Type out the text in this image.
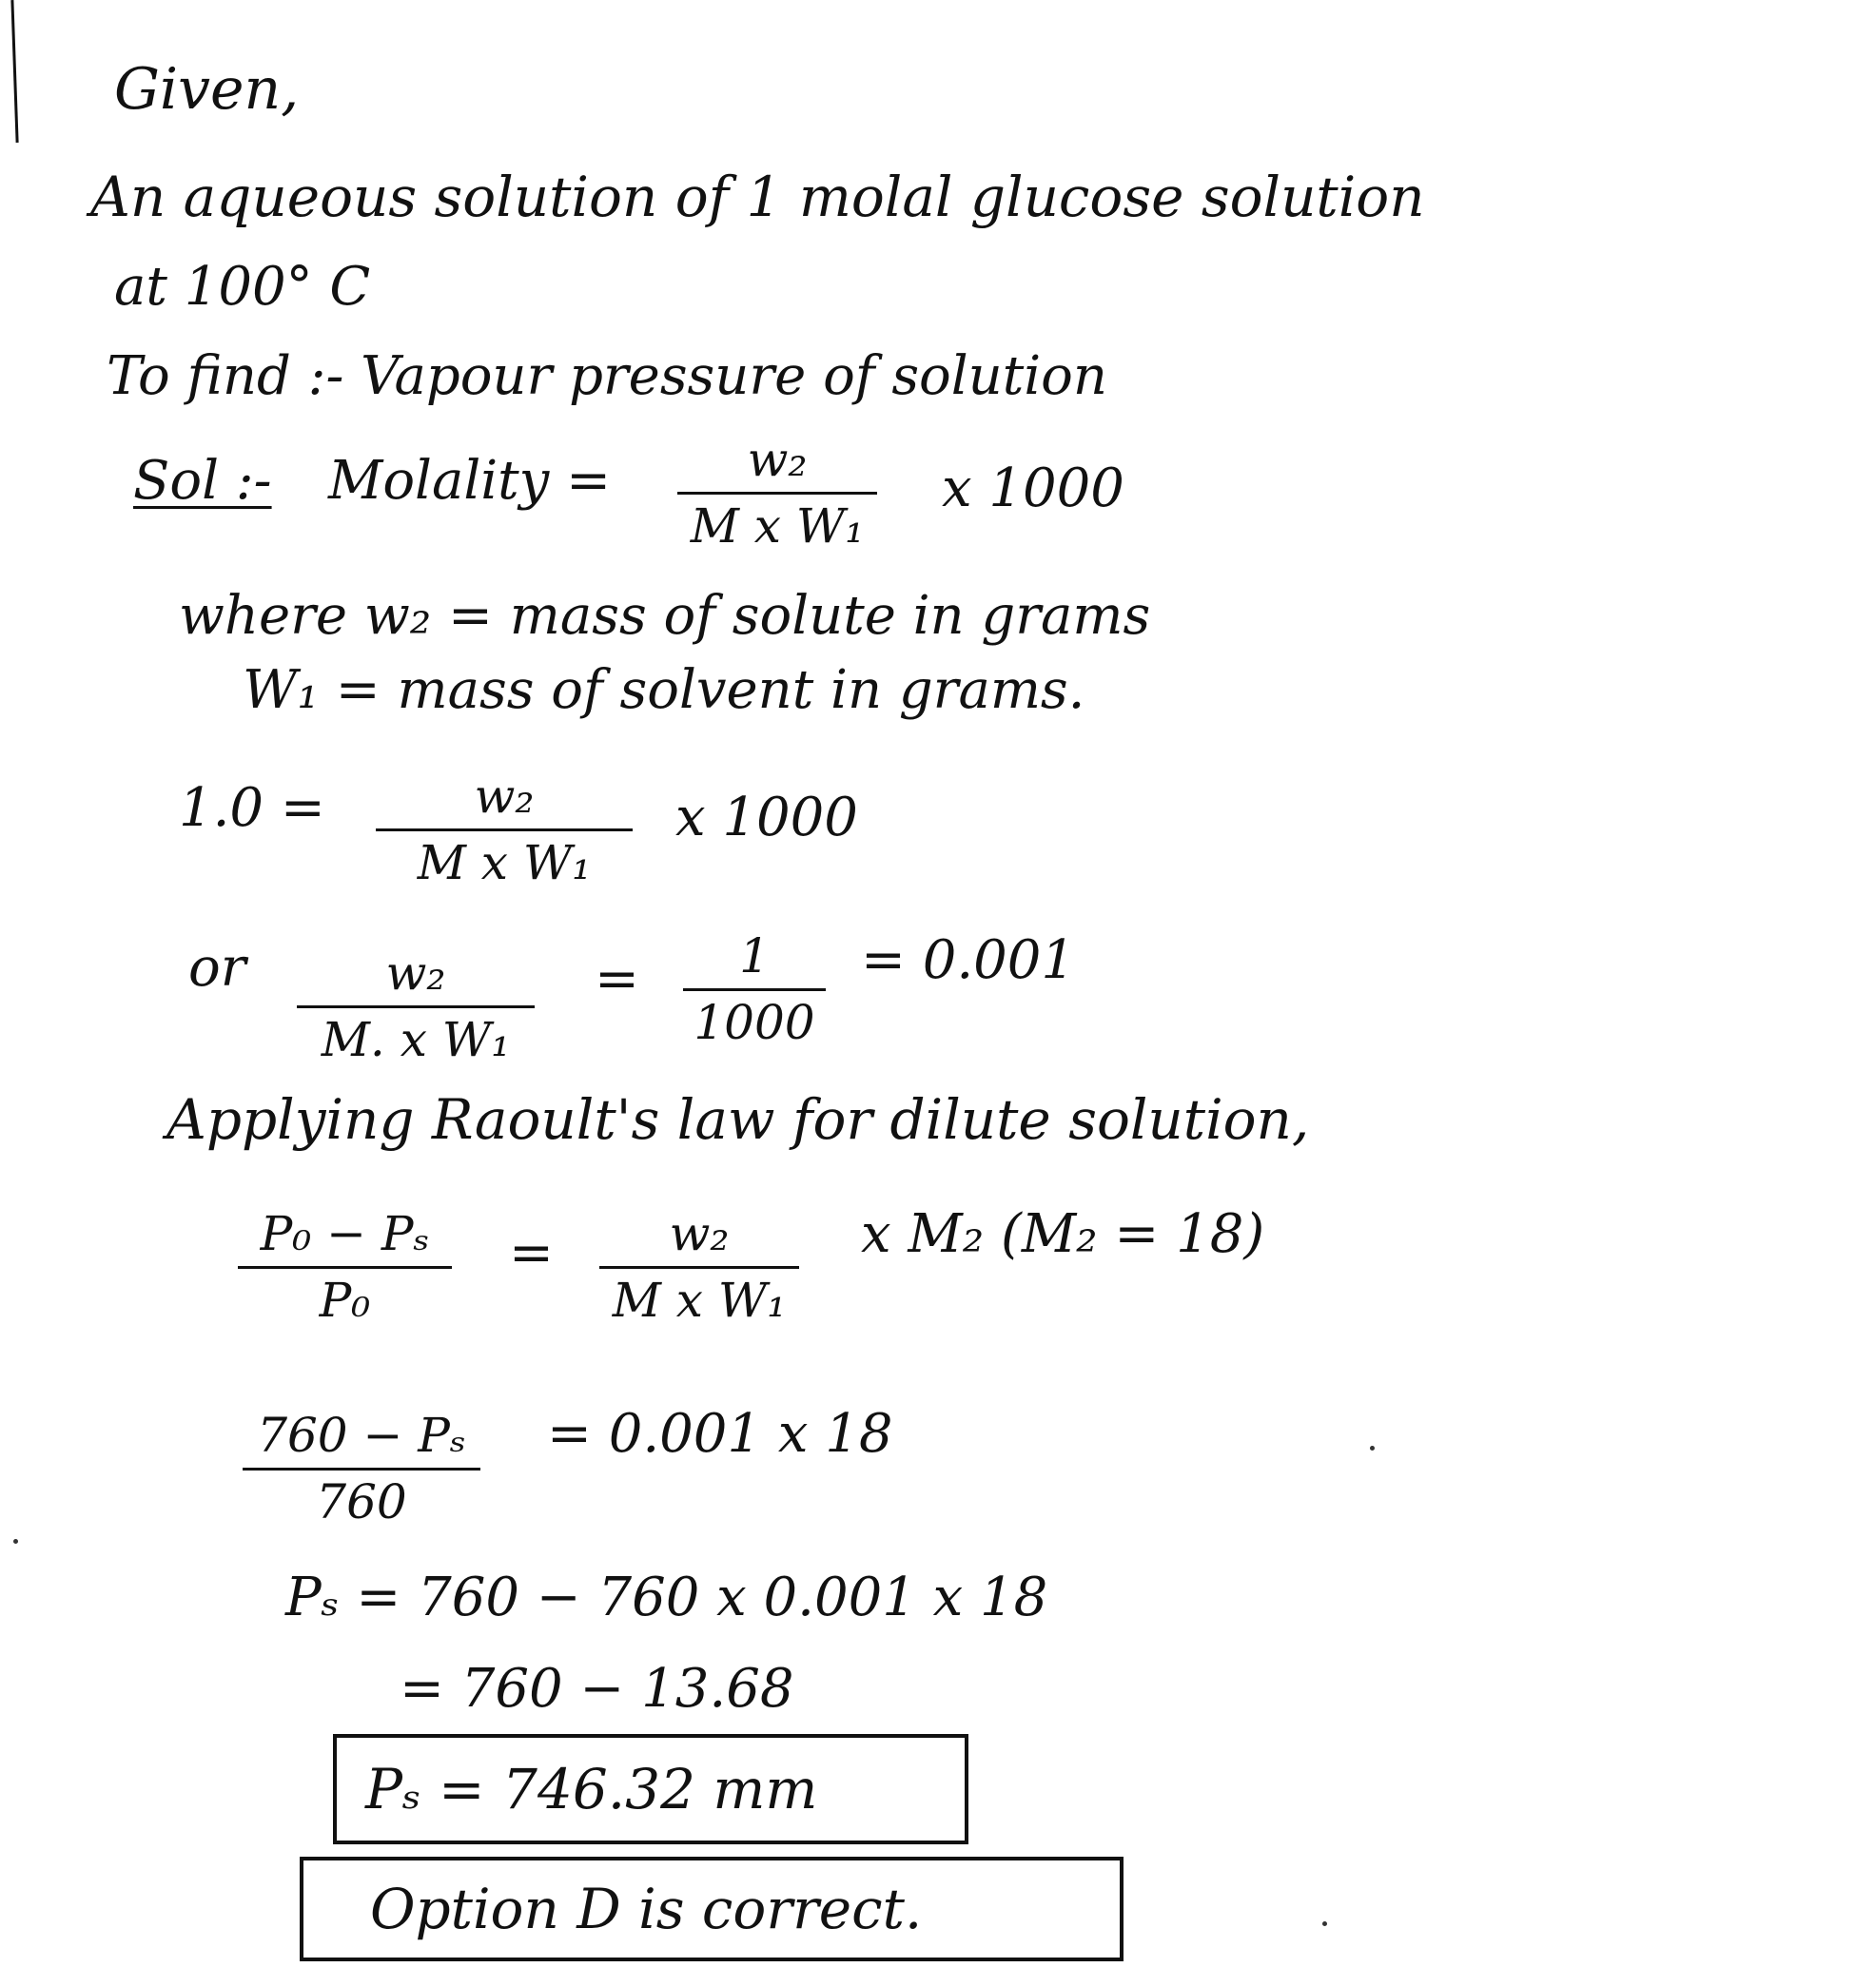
Given,
An aqueous solution of 1 molal glucose solution
at 100° C
To find :- Vapour pressure of solution
Sol :- Molality =	w₂
M x W₁
x 1000
where w₂ = mass of solute in grams
W₁ = mass of solvent in grams.
1.0 =	w₂
M x W₁
x 1000
or	w₂
M. x W₁
= 1
1000
= 0.001
Applying Raoult's law for dilute solution,
P₀ − Pₛ
P₀
= w₂
M x W₁
x M₂ (M₂ = 18)
760 − Pₛ
760
= 0.001 x 18
Pₛ = 760 − 760 x 0.001 x 18
= 760 − 13.68
Pₛ = 746.32 mm
Option D is correct.
